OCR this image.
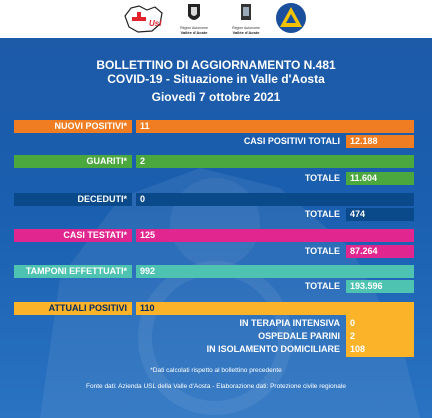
Usl	Région Autonome
Vallée d'Aoste
Région Autonome
Vallée d'Aoste
BOLLETTINO DI AGGIORNAMENTO N.481
COVID-19 - Situazione in Valle d'Aosta
Giovedì 7 ottobre 2021
NUOVI POSITIVI*	11
CASI POSITIVI TOTALI	12.188
GUARITI*	2
TOTALE	11.604
DECEDUTI*	0
TOTALE	474
CASI TESTATI*	125
TOTALE	87.264
TAMPONI EFFETTUATI*	992
TOTALE	193.596
ATTUALI POSITIVI	110
IN TERAPIA INTENSIVA 0
OSPEDALE PARINI 2
IN ISOLAMENTO DOMICILIARE 108
*Dati calcolati rispetto al bollettino precedente
Fonte dati: Azienda USL della Valle d'Aosta - Elaborazione dati: Protezione civile regionale
